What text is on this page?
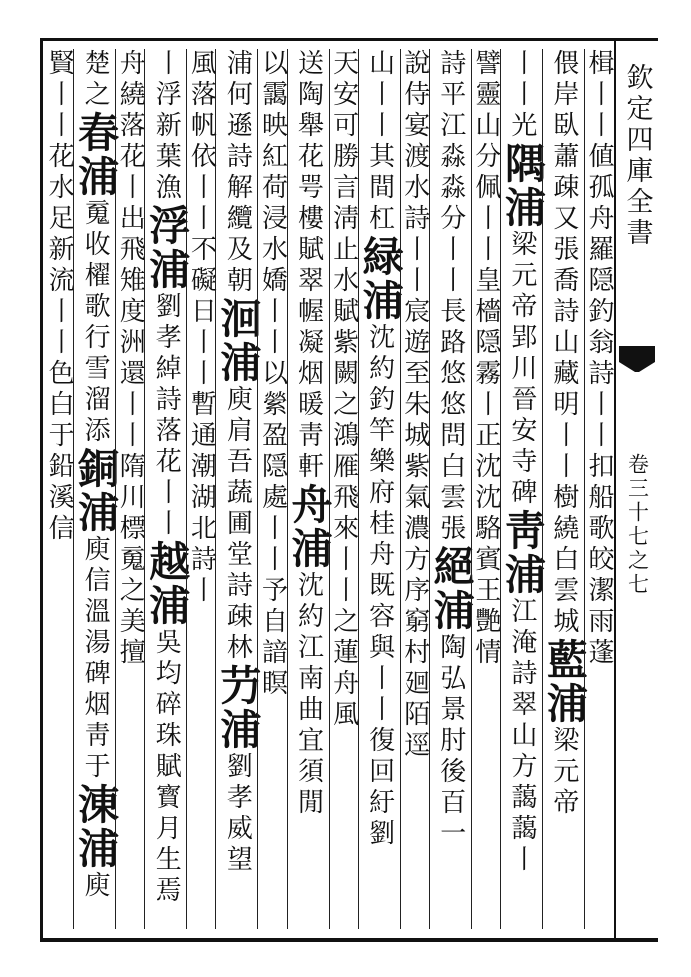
欽定四庫全書
卷三十七之七
楫丨丨値孤舟羅隠釣翁詩丨丨扣船歌皎潔雨蓬
偎岸臥蕭疎又張喬詩山藏明丨丨樹繞白雲城藍浦梁元帝
丨丨光隅浦梁元帝郢川晉安寺碑靑浦江淹詩翠山方藹藹丨
譬靈山分佩丨丨皇檣隠霧丨正沈沈駱賓王艷情
詩平江淼淼分丨丨長路悠悠問白雲張絕浦陶弘景肘後百一
說侍宴渡水詩丨丨宸遊至朱城紫氣濃方序窮村廻陌逕
山丨丨其間杠緑浦沈約釣竿樂府桂舟既容與丨丨復回紆劉
天安可勝言淸止水賦紫闕之鴻雁飛來丨丨之蓮舟風
送陶舉花咢樓賦翠幄凝烟暖靑軒舟浦沈約江南曲宜須閒
以靄映紅荷浸水嬌丨丨以縈盈隠處丨丨予自諳瞑
浦何遜詩解纜及朝洄浦庾肩吾蔬圃堂詩疎林芀浦劉孝威望
風落帆依丨丨不礙日丨丨暫通潮湖北詩丨
丨浮新葉漁浮浦劉孝綽詩落花丨丨越浦吳均碎珠賦寳月生焉
舟繞落花丨出飛雉度洲還丨丨隋川標䰟之美擅
楚之春浦䰟收櫂歌行雪溜添銅浦庾信溫湯碑烟靑于涷浦庾
賢丨丨花水足新流丨丨色白于鉛溪信
